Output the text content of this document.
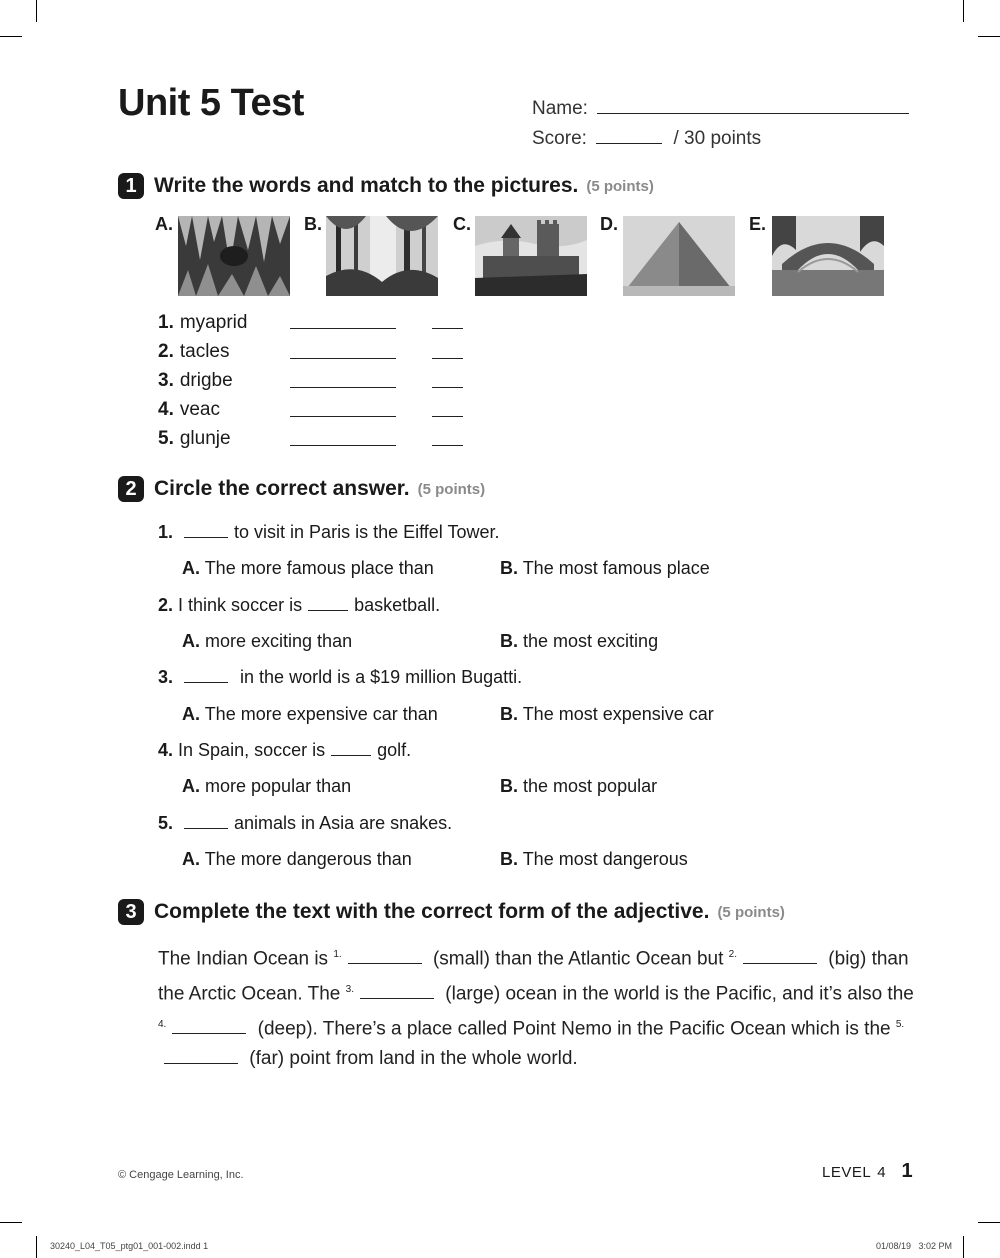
Unit 5 Test	Name:
Score:	/ 30 points
1 Write the words and match to the pictures. (5 points)
A.	B.	C.	D.	E.
1. myaprid
2. tacles
3. drigbe
4. veac
5. glunje
2 Circle the correct answer. (5 points)
1.	to visit in Paris is the Eiffel Tower.
A. The more famous place than	B. The most famous place
2. I think soccer is	basketball.
A. more exciting than	B. the most exciting
3.	in the world is a $19 million Bugatti.
A. The more expensive car than	B. The most expensive car
4. In Spain, soccer is	golf.
A. more popular than	B. the most popular
5.	animals in Asia are snakes.
A. The more dangerous than	B. The most dangerous
3 Complete the text with the correct form of the adjective. (5 points)
The Indian Ocean is $^{1.}$	(small) than the Atlantic Ocean but $^{2.}$	(big) than the Arctic Ocean. The $^{3.}$	(large) ocean in the world is the Pacific, and it’s also the $^{4.}$	(deep). There’s a place called Point Nemo in the Pacific Ocean which is the $^{5.}$ (far) point from land in the whole world.
© Cengage Learning, Inc.	LEVEL 4 1
30240_L04_T05_ptg01_001-002.indd 1	01/08/19   3:02 PM
